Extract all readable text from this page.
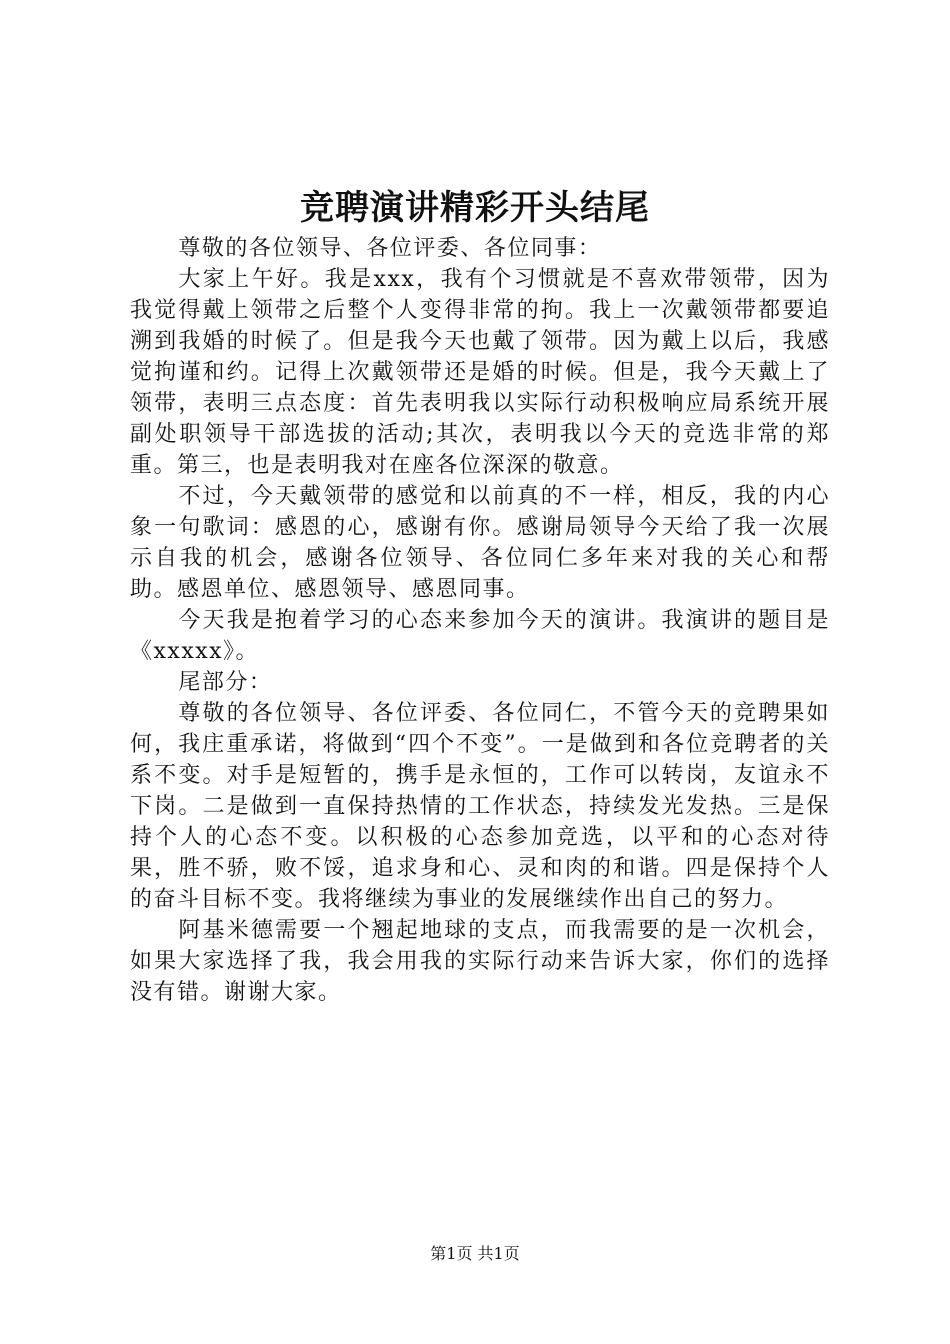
竞聘演讲精彩开头结尾

尊敬的各位领导、各位评委、各位同事：

大家上午好。我是xxx，我有个习惯就是不喜欢带领带，因为我觉得戴上领带之后整个人变得非常的拘。我上一次戴领带都要追溯到我婚的时候了。但是我今天也戴了领带。因为戴上以后，我感觉拘谨和约。记得上次戴领带还是婚的时候。但是，我今天戴上了领带，表明三点态度：首先表明我以实际行动积极响应局系统开展副处职领导干部选拔的活动;其次，表明我以今天的竞选非常的郑重。第三，也是表明我对在座各位深深的敬意。

不过，今天戴领带的感觉和以前真的不一样，相反，我的内心象一句歌词：感恩的心，感谢有你。感谢局领导今天给了我一次展示自我的机会，感谢各位领导、各位同仁多年来对我的关心和帮助。感恩单位、感恩领导、感恩同事。

今天我是抱着学习的心态来参加今天的演讲。我演讲的题目是《xxxxx》。

尾部分：

尊敬的各位领导、各位评委、各位同仁，不管今天的竞聘果如何，我庄重承诺，将做到“四个不变”。一是做到和各位竞聘者的关系不变。对手是短暂的，携手是永恒的，工作可以转岗，友谊永不下岗。二是做到一直保持热情的工作状态，持续发光发热。三是保持个人的心态不变。以积极的心态参加竞选，以平和的心态对待果，胜不骄，败不馁，追求身和心、灵和肉的和谐。四是保持个人的奋斗目标不变。我将继续为事业的发展继续作出自己的努力。

阿基米德需要一个翘起地球的支点，而我需要的是一次机会，如果大家选择了我，我会用我的实际行动来告诉大家，你们的选择没有错。谢谢大家。

第1页 共1页
